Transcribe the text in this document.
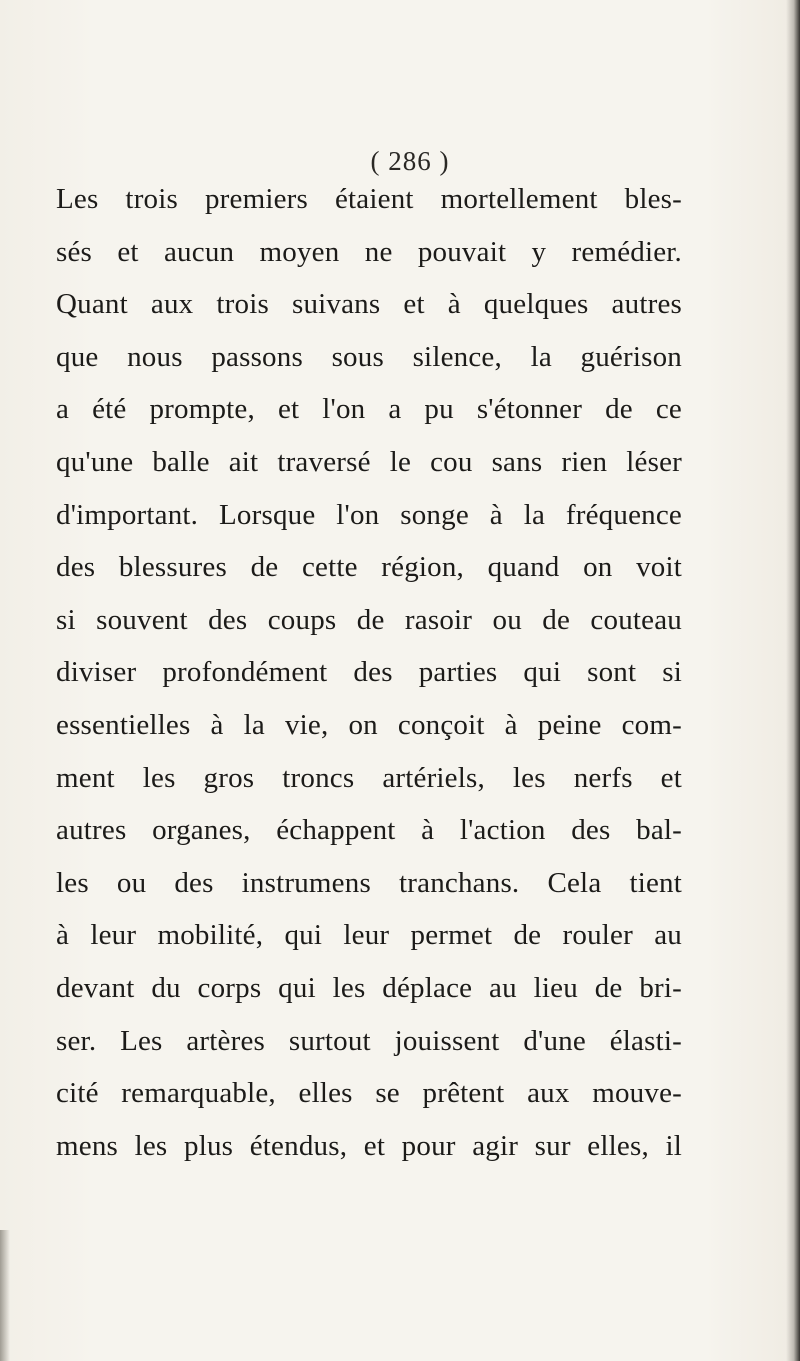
( 286 )
Les trois premiers étaient mortellement bles-
sés et aucun moyen ne pouvait y remédier.
Quant aux trois suivans et à quelques autres
que nous passons sous silence, la guérison
a été prompte, et l'on a pu s'étonner de ce
qu'une balle ait traversé le cou sans rien léser
d'important. Lorsque l'on songe à la fréquence
des blessures de cette région, quand on voit
si souvent des coups de rasoir ou de couteau
diviser profondément des parties qui sont si
essentielles à la vie, on conçoit à peine com-
ment les gros troncs artériels, les nerfs et
autres organes, échappent à l'action des bal-
les ou des instrumens tranchans. Cela tient
à leur mobilité, qui leur permet de rouler au
devant du corps qui les déplace au lieu de bri-
ser. Les artères surtout jouissent d'une élasti-
cité remarquable, elles se prêtent aux mouve-
mens les plus étendus, et pour agir sur elles, il
